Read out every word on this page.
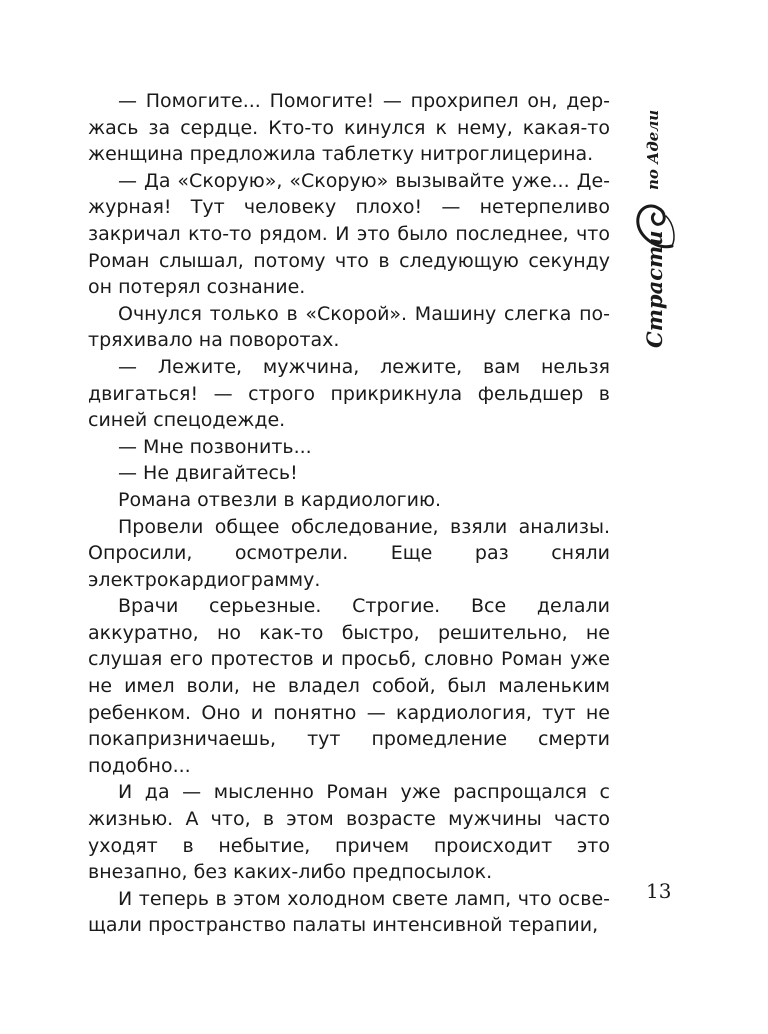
— Помогите... Помогите! — прохрипел он, держась за сердце. Кто-то кинулся к нему, какая-то женщина предложила таблетку нитроглицерина.

— Да «Скорую», «Скорую» вызывайте уже... Дежурная! Тут человеку плохо! — нетерпеливо закричал кто-то рядом. И это было последнее, что Роман слышал, потому что в следующую секунду он потерял сознание.

Очнулся только в «Скорой». Машину слегка потряхивало на поворотах.

— Лежите, мужчина, лежите, вам нельзя двигаться! — строго прикрикнула фельдшер в синей спецодежде.

— Мне позвонить...

— Не двигайтесь!

Романа отвезли в кардиологию.

Провели общее обследование, взяли анализы. Опросили, осмотрели. Еще раз сняли электрокардиограмму.

Врачи серьезные. Строгие. Все делали аккуратно, но как-то быстро, решительно, не слушая его протестов и просьб, словно Роман уже не имел воли, не владел собой, был маленьким ребенком. Оно и понятно — кардиология, тут не покапризничаешь, тут промедление смерти подобно...

И да — мысленно Роман уже распрощался с жизнью. А что, в этом возрасте мужчины часто уходят в небытие, причем происходит это внезапно, без каких-либо предпосылок.

И теперь в этом холодном свете ламп, что освещали пространство палаты интенсивной терапии,

Страсти
по Адели
13
